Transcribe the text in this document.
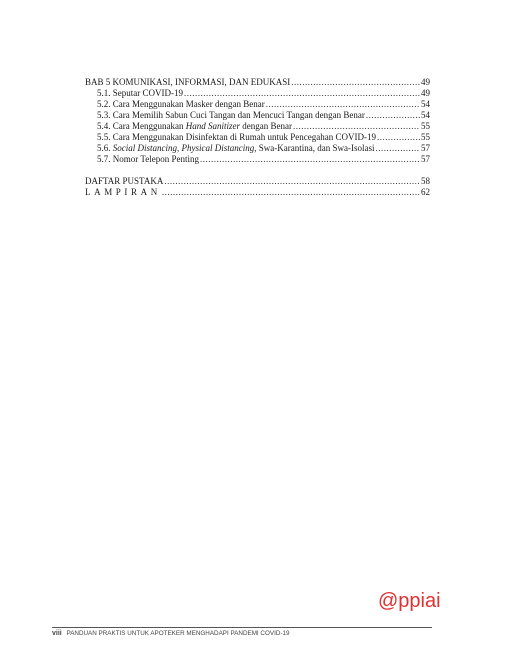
BAB 5 KOMUNIKASI, INFORMASI, DAN EDUKASI .....	49
5.1. Seputar COVID-19 .....	49
5.2. Cara Menggunakan Masker dengan Benar .....	54
5.3. Cara Memilih Sabun Cuci Tangan dan Mencuci Tangan dengan Benar .....	54
5.4. Cara Menggunakan Hand Sanitizer dengan Benar .....	55
5.5. Cara Menggunakan Disinfektan di Rumah untuk Pencegahan COVID-19 .....	55
5.6. Social Distancing, Physical Distancing, Swa-Karantina, dan Swa-Isolasi .....	57
5.7. Nomor Telepon Penting .....	57
DAFTAR PUSTAKA .....	58
LAMPIRAN .....	62
@ppiai
viii PANDUAN PRAKTIS UNTUK APOTEKER MENGHADAPI PANDEMI COVID-19
